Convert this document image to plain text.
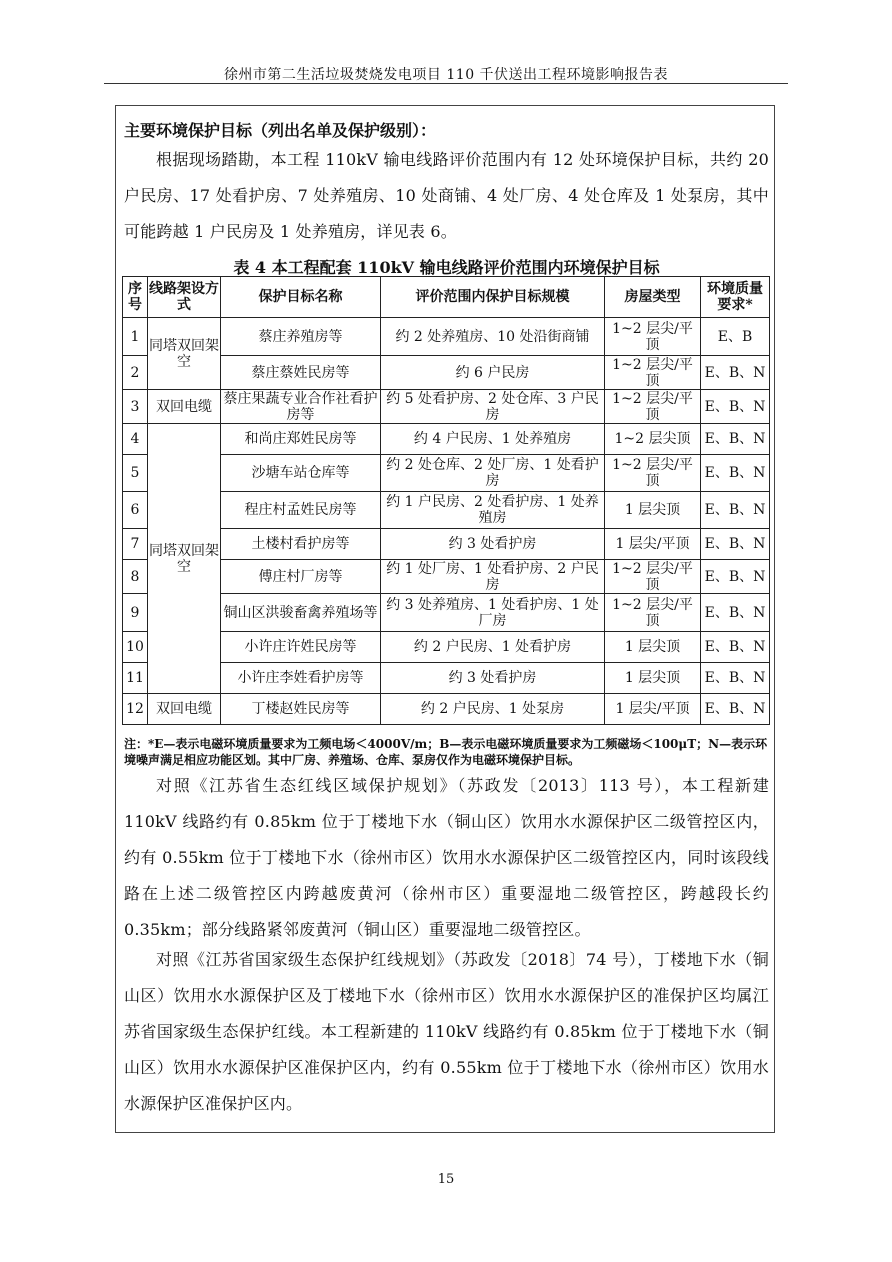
徐州市第二生活垃圾焚烧发电项目 110 千伏送出工程环境影响报告表
主要环境保护目标（列出名单及保护级别）：
根据现场踏勘，本工程 110kV 输电线路评价范围内有 12 处环境保护目标，共约 20 户民房、17 处看护房、7 处养殖房、10 处商铺、4 处厂房、4 处仓库及 1 处泵房，其中可能跨越 1 户民房及 1 处养殖房，详见表 6。
表 4 本工程配套 110kV 输电线路评价范围内环境保护目标
序号	线路架设方式	保护目标名称	评价范围内保护目标规模	房屋类型	环境质量要求*
1	同塔双回架空	蔡庄养殖房等	约 2 处养殖房、10 处沿街商铺	1~2 层尖/平顶	E、B
2		蔡庄蔡姓民房等	约 6 户民房	1~2 层尖/平顶	E、B、N
3	双回电缆	蔡庄果蔬专业合作社看护房等	约 5 处看护房、2 处仓库、3 户民房	1~2 层尖/平顶	E、B、N
4	同塔双回架空	和尚庄郑姓民房等	约 4 户民房、1 处养殖房	1~2 层尖顶	E、B、N
5		沙塘车站仓库等	约 2 处仓库、2 处厂房、1 处看护房	1~2 层尖/平顶	E、B、N
6		程庄村孟姓民房等	约 1 户民房、2 处看护房、1 处养殖房	1 层尖顶	E、B、N
7		土楼村看护房等	约 3 处看护房	1 层尖/平顶	E、B、N
8		傅庄村厂房等	约 1 处厂房、1 处看护房、2 户民房	1~2 层尖/平顶	E、B、N
9		铜山区洪骏畜禽养殖场等	约 3 处养殖房、1 处看护房、1 处厂房	1~2 层尖/平顶	E、B、N
10		小许庄许姓民房等	约 2 户民房、1 处看护房	1 层尖顶	E、B、N
11		小许庄李姓看护房等	约 3 处看护房	1 层尖顶	E、B、N
12	双回电缆	丁楼赵姓民房等	约 2 户民房、1 处泵房	1 层尖/平顶	E、B、N
注：*E—表示电磁环境质量要求为工频电场＜4000V/m；B—表示电磁环境质量要求为工频磁场＜100μT；N—表示环境噪声满足相应功能区划。其中厂房、养殖场、仓库、泵房仅作为电磁环境保护目标。
对照《江苏省生态红线区域保护规划》（苏政发〔2013〕113 号），本工程新建 110kV 线路约有 0.85km 位于丁楼地下水（铜山区）饮用水水源保护区二级管控区内，约有 0.55km 位于丁楼地下水（徐州市区）饮用水水源保护区二级管控区内，同时该段线路在上述二级管控区内跨越废黄河（徐州市区）重要湿地二级管控区，跨越段长约 0.35km；部分线路紧邻废黄河（铜山区）重要湿地二级管控区。
对照《江苏省国家级生态保护红线规划》（苏政发〔2018〕74 号），丁楼地下水（铜山区）饮用水水源保护区及丁楼地下水（徐州市区）饮用水水源保护区的准保护区均属江苏省国家级生态保护红线。本工程新建的 110kV 线路约有 0.85km 位于丁楼地下水（铜山区）饮用水水源保护区准保护区内，约有 0.55km 位于丁楼地下水（徐州市区）饮用水水源保护区准保护区内。
15
